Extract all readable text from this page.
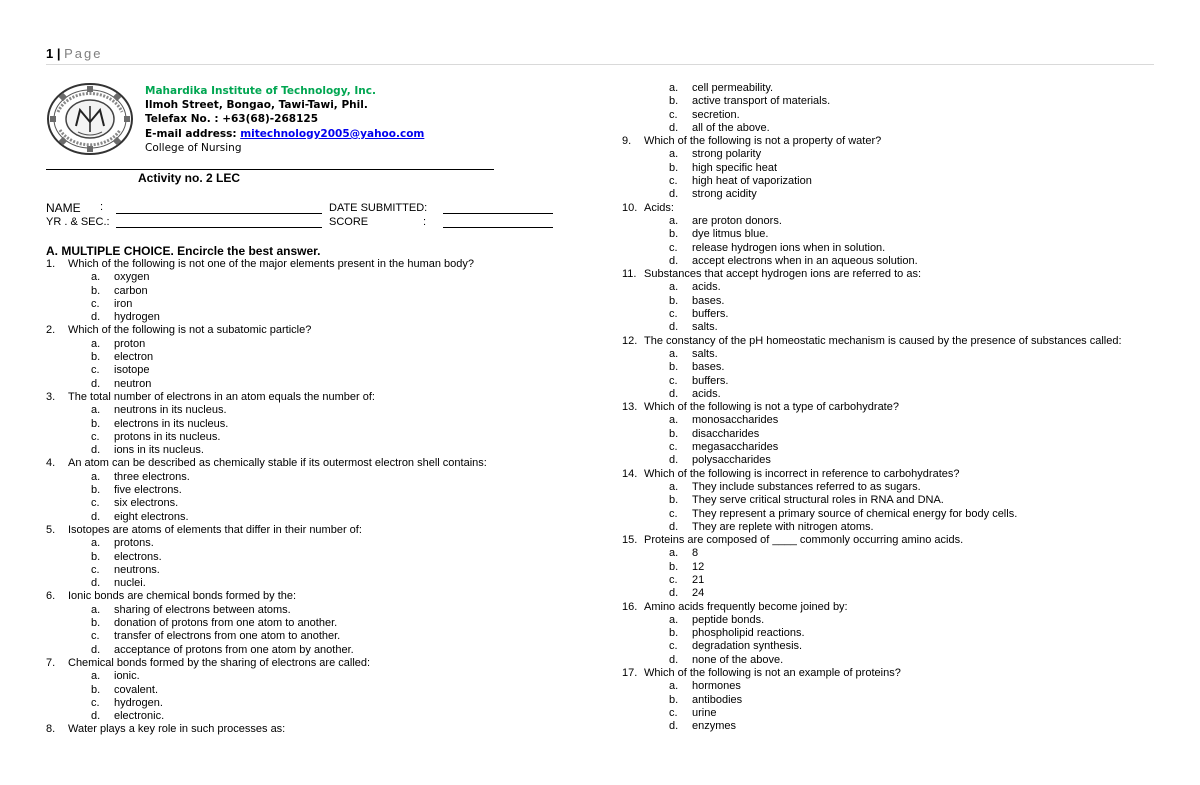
1 | Page
Mahardika Institute of Technology, Inc.
Ilmoh Street, Bongao, Tawi-Tawi, Phil.
Telefax No. : +63(68)-268125
E-mail address: mitechnology2005@yahoo.com
College of Nursing
Activity no. 2 LEC
NAME :
YR . & SEC.:
DATE SUBMITTED:
SCORE	:
A. MULTIPLE CHOICE. Encircle the best answer.
1. Which of the following is not one of the major elements present in the human body?
a. oxygen
b. carbon
c. iron
d. hydrogen
2. Which of the following is not a subatomic particle?
a. proton
b. electron
c. isotope
d. neutron
3. The total number of electrons in an atom equals the number of:
a. neutrons in its nucleus.
b. electrons in its nucleus.
c. protons in its nucleus.
d. ions in its nucleus.
4. An atom can be described as chemically stable if its outermost electron shell contains:
a. three electrons.
b. five electrons.
c. six electrons.
d. eight electrons.
5. Isotopes are atoms of elements that differ in their number of:
a. protons.
b. electrons.
c. neutrons.
d. nuclei.
6. Ionic bonds are chemical bonds formed by the:
a. sharing of electrons between atoms.
b. donation of protons from one atom to another.
c. transfer of electrons from one atom to another.
d. acceptance of protons from one atom by another.
7. Chemical bonds formed by the sharing of electrons are called:
a. ionic.
b. covalent.
c. hydrogen.
d. electronic.
8. Water plays a key role in such processes as:
a. cell permeability.
b. active transport of materials.
c. secretion.
d. all of the above.
9. Which of the following is not a property of water?
a. strong polarity
b. high specific heat
c. high heat of vaporization
d. strong acidity
10. Acids:
a. are proton donors.
b. dye litmus blue.
c. release hydrogen ions when in solution.
d. accept electrons when in an aqueous solution.
11. Substances that accept hydrogen ions are referred to as:
a. acids.
b. bases.
c. buffers.
d. salts.
12. The constancy of the pH homeostatic mechanism is caused by the presence of substances called:
a. salts.
b. bases.
c. buffers.
d. acids.
13. Which of the following is not a type of carbohydrate?
a. monosaccharides
b. disaccharides
c. megasaccharides
d. polysaccharides
14. Which of the following is incorrect in reference to carbohydrates?
a. They include substances referred to as sugars.
b. They serve critical structural roles in RNA and DNA.
c. They represent a primary source of chemical energy for body cells.
d. They are replete with nitrogen atoms.
15. Proteins are composed of ____ commonly occurring amino acids.
a. 8
b. 12
c. 21
d. 24
16. Amino acids frequently become joined by:
a. peptide bonds.
b. phospholipid reactions.
c. degradation synthesis.
d. none of the above.
17. Which of the following is not an example of proteins?
a. hormones
b. antibodies
c. urine
d. enzymes
